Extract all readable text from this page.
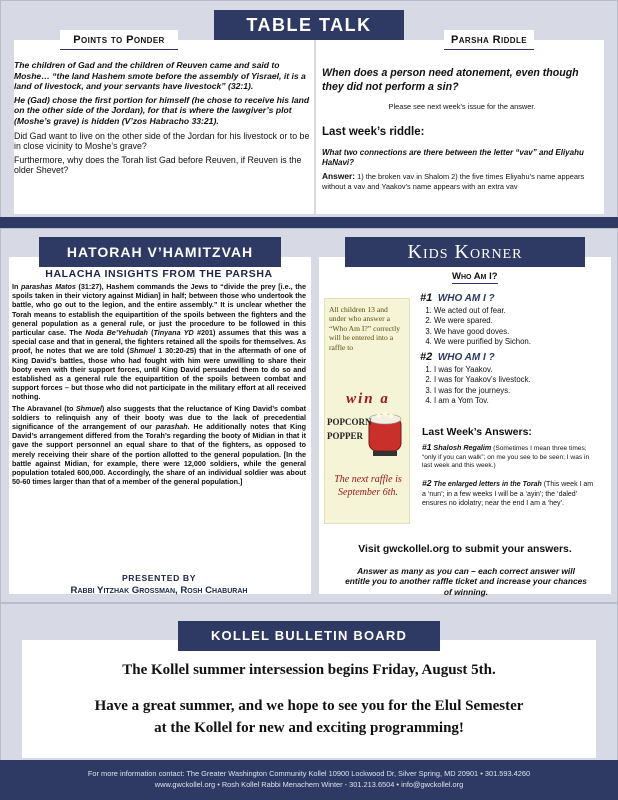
Points to Ponder

The children of Gad and the children of Reuven came and said to Moshe… “the land Hashem smote before the assembly of Yisrael, it is a land of livestock, and your servants have livestock” (32:1).

He (Gad) chose the first portion for himself (he chose to receive his land on the other side of the Jordan), for that is where the lawgiver’s plot (Moshe’s grave) is hidden (V’zos Habracho 33:21).

Did Gad want to live on the other side of the Jordan for his livestock or to be in close vicinity to Moshe’s grave?

Furthermore, why does the Torah list Gad before Reuven, if Reuven is the older Shevet?

Parsha Riddle

When does a person need atonement, even though they did not perform a sin?

Please see next week’s issue for the answer.

Last week’s riddle:

What two connections are there between the letter “vav” and Eliyahu HaNavi?

Answer: 1) the broken vav in Shalom 2) the five times Eliyahu’s name appears without a vav and Yaakov’s name appears with an extra vav

TABLE TALK
HATORAH V’HAMITZVAH	Kids Korner
HALACHA INSIGHTS FROM THE PARSHA

In parashas Matos (31:27), Hashem commands the Jews to “divide the prey [i.e., the spoils taken in their victory against Midian] in half; between those who undertook the battle, who go out to the legion, and the entire assembly.” It is unclear whether the Torah means to establish the equipartition of the spoils between the fighters and the general population as a general rule, or just the procedure to be followed in this particular case. The Noda Be’Yehudah (Tinyana YD #201) assumes that this was a special case and that in general, the fighters retained all the spoils for themselves. As proof, he notes that we are told (Shmuel 1 30:20-25) that in the aftermath of one of King David’s battles, those who had fought with him were unwilling to share their booty even with their support forces, until King David persuaded them to do so and established as a general rule the equipartition of the spoils between combat and support forces – but those who did not participate in the military effort at all received nothing.

The Abravanel (to Shmuel) also suggests that the reluctance of King David’s combat soldiers to relinquish any of their booty was due to the lack of precedential significance of the arrangement of our parashah. He additionally notes that King David’s arrangement differed from the Torah’s regarding the booty of Midian in that it gave the support personnel an equal share to that of the fighters, as opposed to merely receiving their share of the portion allotted to the general population. [In the battle against Midian, for example, there were 12,000 soldiers, while the general population totaled 600,000. Accordingly, the share of an individual soldier was about 50-60 times larger than that of a member of the general population.]

PRESENTED BY
Rabbi Yitzhak Grossman, Rosh Chaburah

All children 13 and under who answer a “Who Am I?” correctly will be entered into a raffle to

win a

POPCORN

POPPER

The next raffle is September 6th.

Who Am I?

#1 WHO AM I ?

1. We acted out of fear.
2. We were spared.
3. We have good doves.
4. We were purified by Sichon.

#2 WHO AM I ?

1. I was for Yaakov.
2. I was for Yaakov’s livestock.
3. I was for the journeys.
4. I am a Yom Tov.
Last Week’s Answers:

#1 Shalosh Regalim (Sometimes I mean three times; “only if you can walk”; on me you see to be seen; I was in last week and this week.)

#2 The enlarged letters in the Torah (This week I am a ‘nun’; in a few weeks I will be a ‘ayin’; the ‘daled’ ensures no idolatry; near the end I am a ‘hey’.

Visit gwckollel.org to submit your answers.

Answer as many as you can – each correct answer will entitle you to another raffle ticket and increase your chances of winning.

The Kollel summer intersession begins Friday, August 5th.

Have a great summer, and we hope to see you for the Elul Semester

at the Kollel for new and exciting programming!

KOLLEL BULLETIN BOARD

For more information contact: The Greater Washington Community Kollel 10900 Lockwood Dr, Silver Spring, MD 20901 • 301.593.4260

www.gwckollel.org • Rosh Kollel Rabbi Menachem Winter - 301.213.6504 • info@gwckollel.org
